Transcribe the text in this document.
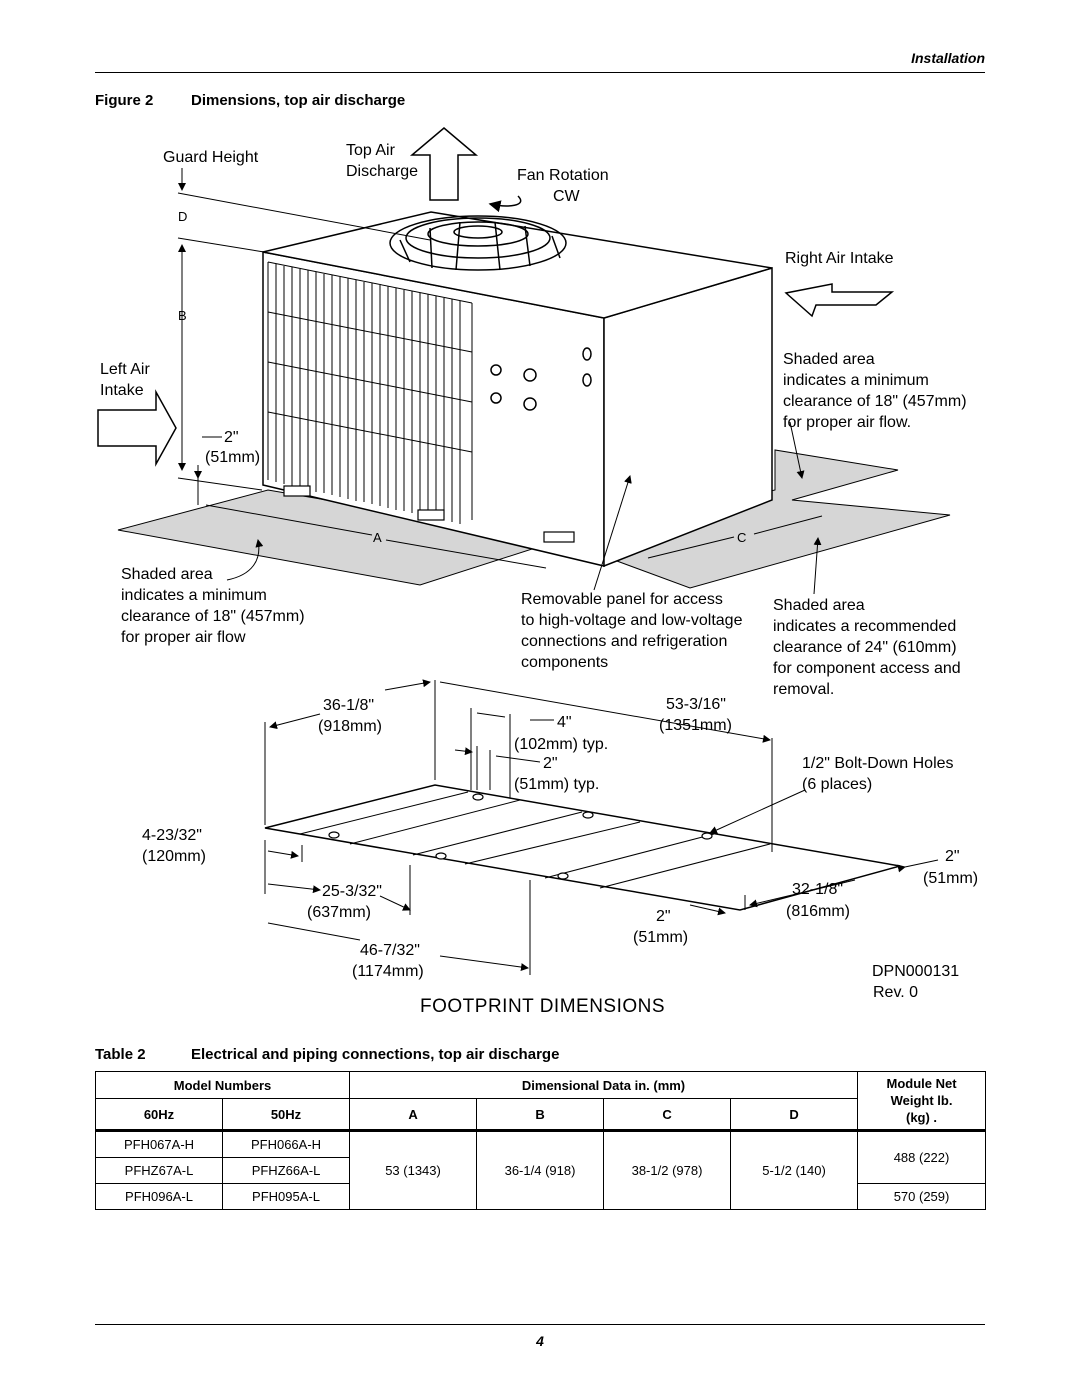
Installation
Figure 2	Dimensions, top air discharge
Guard Height	Top Air
Discharge	Fan Rotation
CW
Right Air Intake
Left Air
Intake
D
B
A	C
2"
(51mm)
Shaded area
indicates a minimum
clearance of 18" (457mm)
for proper air flow.
Shaded area
indicates a minimum
clearance of 18" (457mm)
for proper air flow
Removable panel for access
to high-voltage and low-voltage
connections and refrigeration
components
Shaded area
indicates a recommended
clearance of 24" (610mm)
for component access and
removal.
36-1/8"
(918mm)	4"
(102mm) typ.
2"
(51mm) typ.
53-3/16"
(1351mm)
1/2" Bolt-Down Holes
(6 places)
4-23/32"
(120mm)
25-3/32"
(637mm)
46-7/32"
(1174mm)
2"
(51mm)
32-1/8"
(816mm)
2"
(51mm)
DPN000131
Rev. 0
FOOTPRINT DIMENSIONS
Table 2	Electrical and piping connections, top air discharge
Model Numbers		Dimensional Data in. (mm)				Module Net
Weight lb.
(kg) .

60Hz	50Hz	A	B	C	D	
PFH067A-H	PFH066A-H	53 (1343)	36-1/4 (918)	38-1/2 (978)	5-1/2 (140)	488 (222)
PFHZ67A-L	PFHZ66A-L					
PFH096A-L	PFH095A-L					570 (259)
4
